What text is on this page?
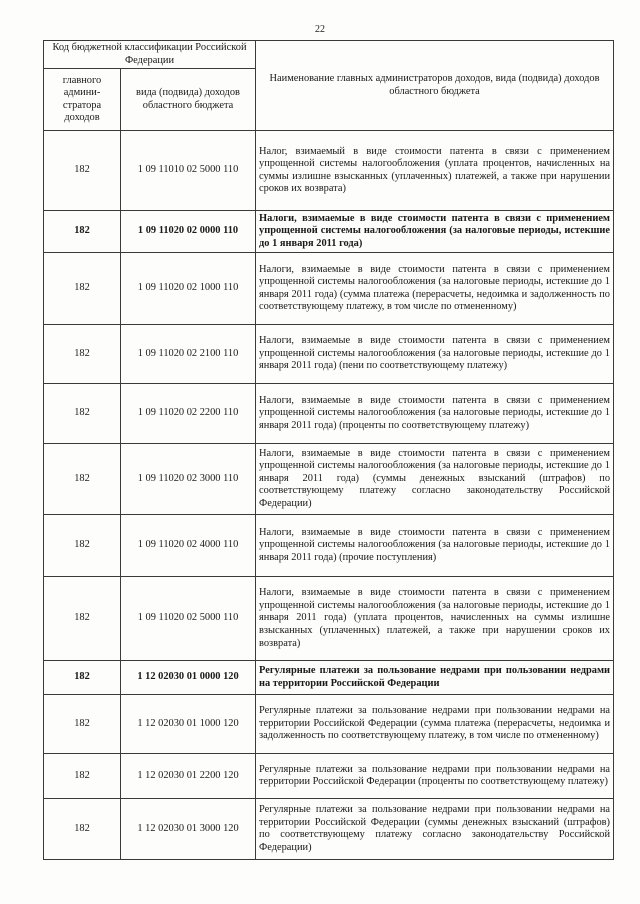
22
Код бюджетной классификации Российской Федерации		Наименование главных администраторов доходов, вида (подвида) доходов областного бюджета
главного админи-стратора доходов	вида (подвида) доходов областного бюджета	
182	1 09 11010 02 5000 110	Налог, взимаемый в виде стоимости патента в связи с применением упрощенной системы налогообложения (уплата процентов, начисленных на суммы излишне взысканных (уплаченных) платежей, а также при нарушении сроков их возврата)
182	1 09 11020 02 0000 110	Налоги, взимаемые в виде стоимости патента в связи с применением упрощенной системы налогообложения (за налоговые периоды, истекшие до 1 января 2011 года)
182	1 09 11020 02 1000 110	Налоги, взимаемые в виде стоимости патента в связи с применением упрощенной системы налогообложения (за налоговые периоды, истекшие до 1 января 2011 года) (сумма платежа (перерасчеты, недоимка и задолженность по соответствующему платежу, в том числе по отмененному)
182	1 09 11020 02 2100 110	Налоги, взимаемые в виде стоимости патента в связи с применением упрощенной системы налогообложения (за налоговые периоды, истекшие до 1 января 2011 года) (пени по соответствующему платежу)
182	1 09 11020 02 2200 110	Налоги, взимаемые в виде стоимости патента в связи с применением упрощенной системы налогообложения (за налоговые периоды, истекшие до 1 января 2011 года) (проценты по соответствующему платежу)
182	1 09 11020 02 3000 110	Налоги, взимаемые в виде стоимости патента в связи с применением упрощенной системы налогообложения (за налоговые периоды, истекшие до 1 января 2011 года) (суммы денежных взысканий (штрафов) по соответствующему платежу согласно законодательству Российской Федерации)
182	1 09 11020 02 4000 110	Налоги, взимаемые в виде стоимости патента в связи с применением упрощенной системы налогообложения (за налоговые периоды, истекшие до 1 января 2011 года) (прочие поступления)
182	1 09 11020 02 5000 110	Налоги, взимаемые в виде стоимости патента в связи с применением упрощенной системы налогообложения (за налоговые периоды, истекшие до 1 января 2011 года) (уплата процентов, начисленных на суммы излишне взысканных (уплаченных) платежей, а также при нарушении сроков их возврата)
182	1 12 02030 01 0000 120	Регулярные платежи за пользование недрами при пользовании недрами на территории Российской Федерации
182	1 12 02030 01 1000 120	Регулярные платежи за пользование недрами при пользовании недрами на территории Российской Федерации (сумма платежа (перерасчеты, недоимка и задолженность по соответствующему платежу, в том числе по отмененному)
182	1 12 02030 01 2200 120	Регулярные платежи за пользование недрами при пользовании недрами на территории Российской Федерации (проценты по соответствующему платежу)
182	1 12 02030 01 3000 120	Регулярные платежи за пользование недрами при пользовании недрами на территории Российской Федерации (суммы денежных взысканий (штрафов) по соответствующему платежу согласно законодательству Российской Федерации)
